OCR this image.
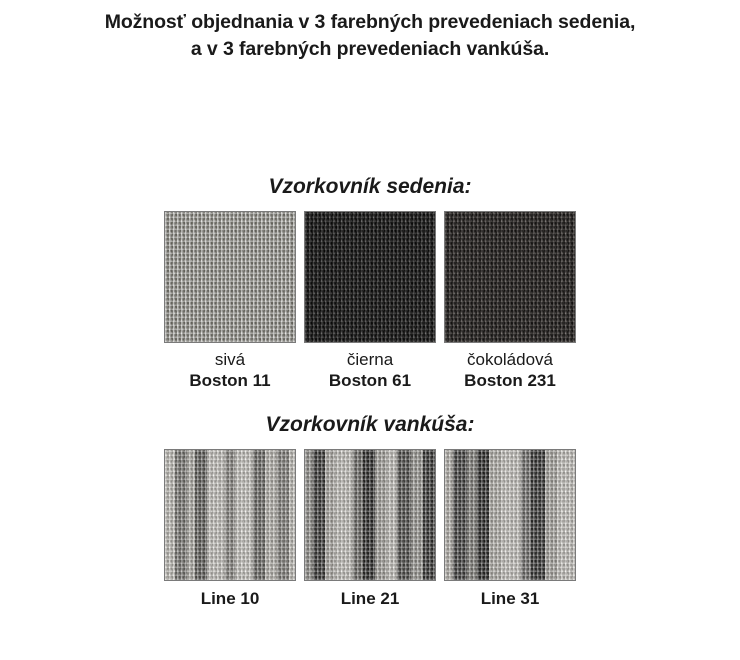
Možnosť objednania v 3 farebných prevedeniach sedenia,
a v 3 farebných prevedeniach vankúša.
Vzorkovník sedenia:
sivá
Boston 11
čierna
Boston 61
čokoládová
Boston 231
Vzorkovník vankúša:
Line 10	Line 21	Line 31
